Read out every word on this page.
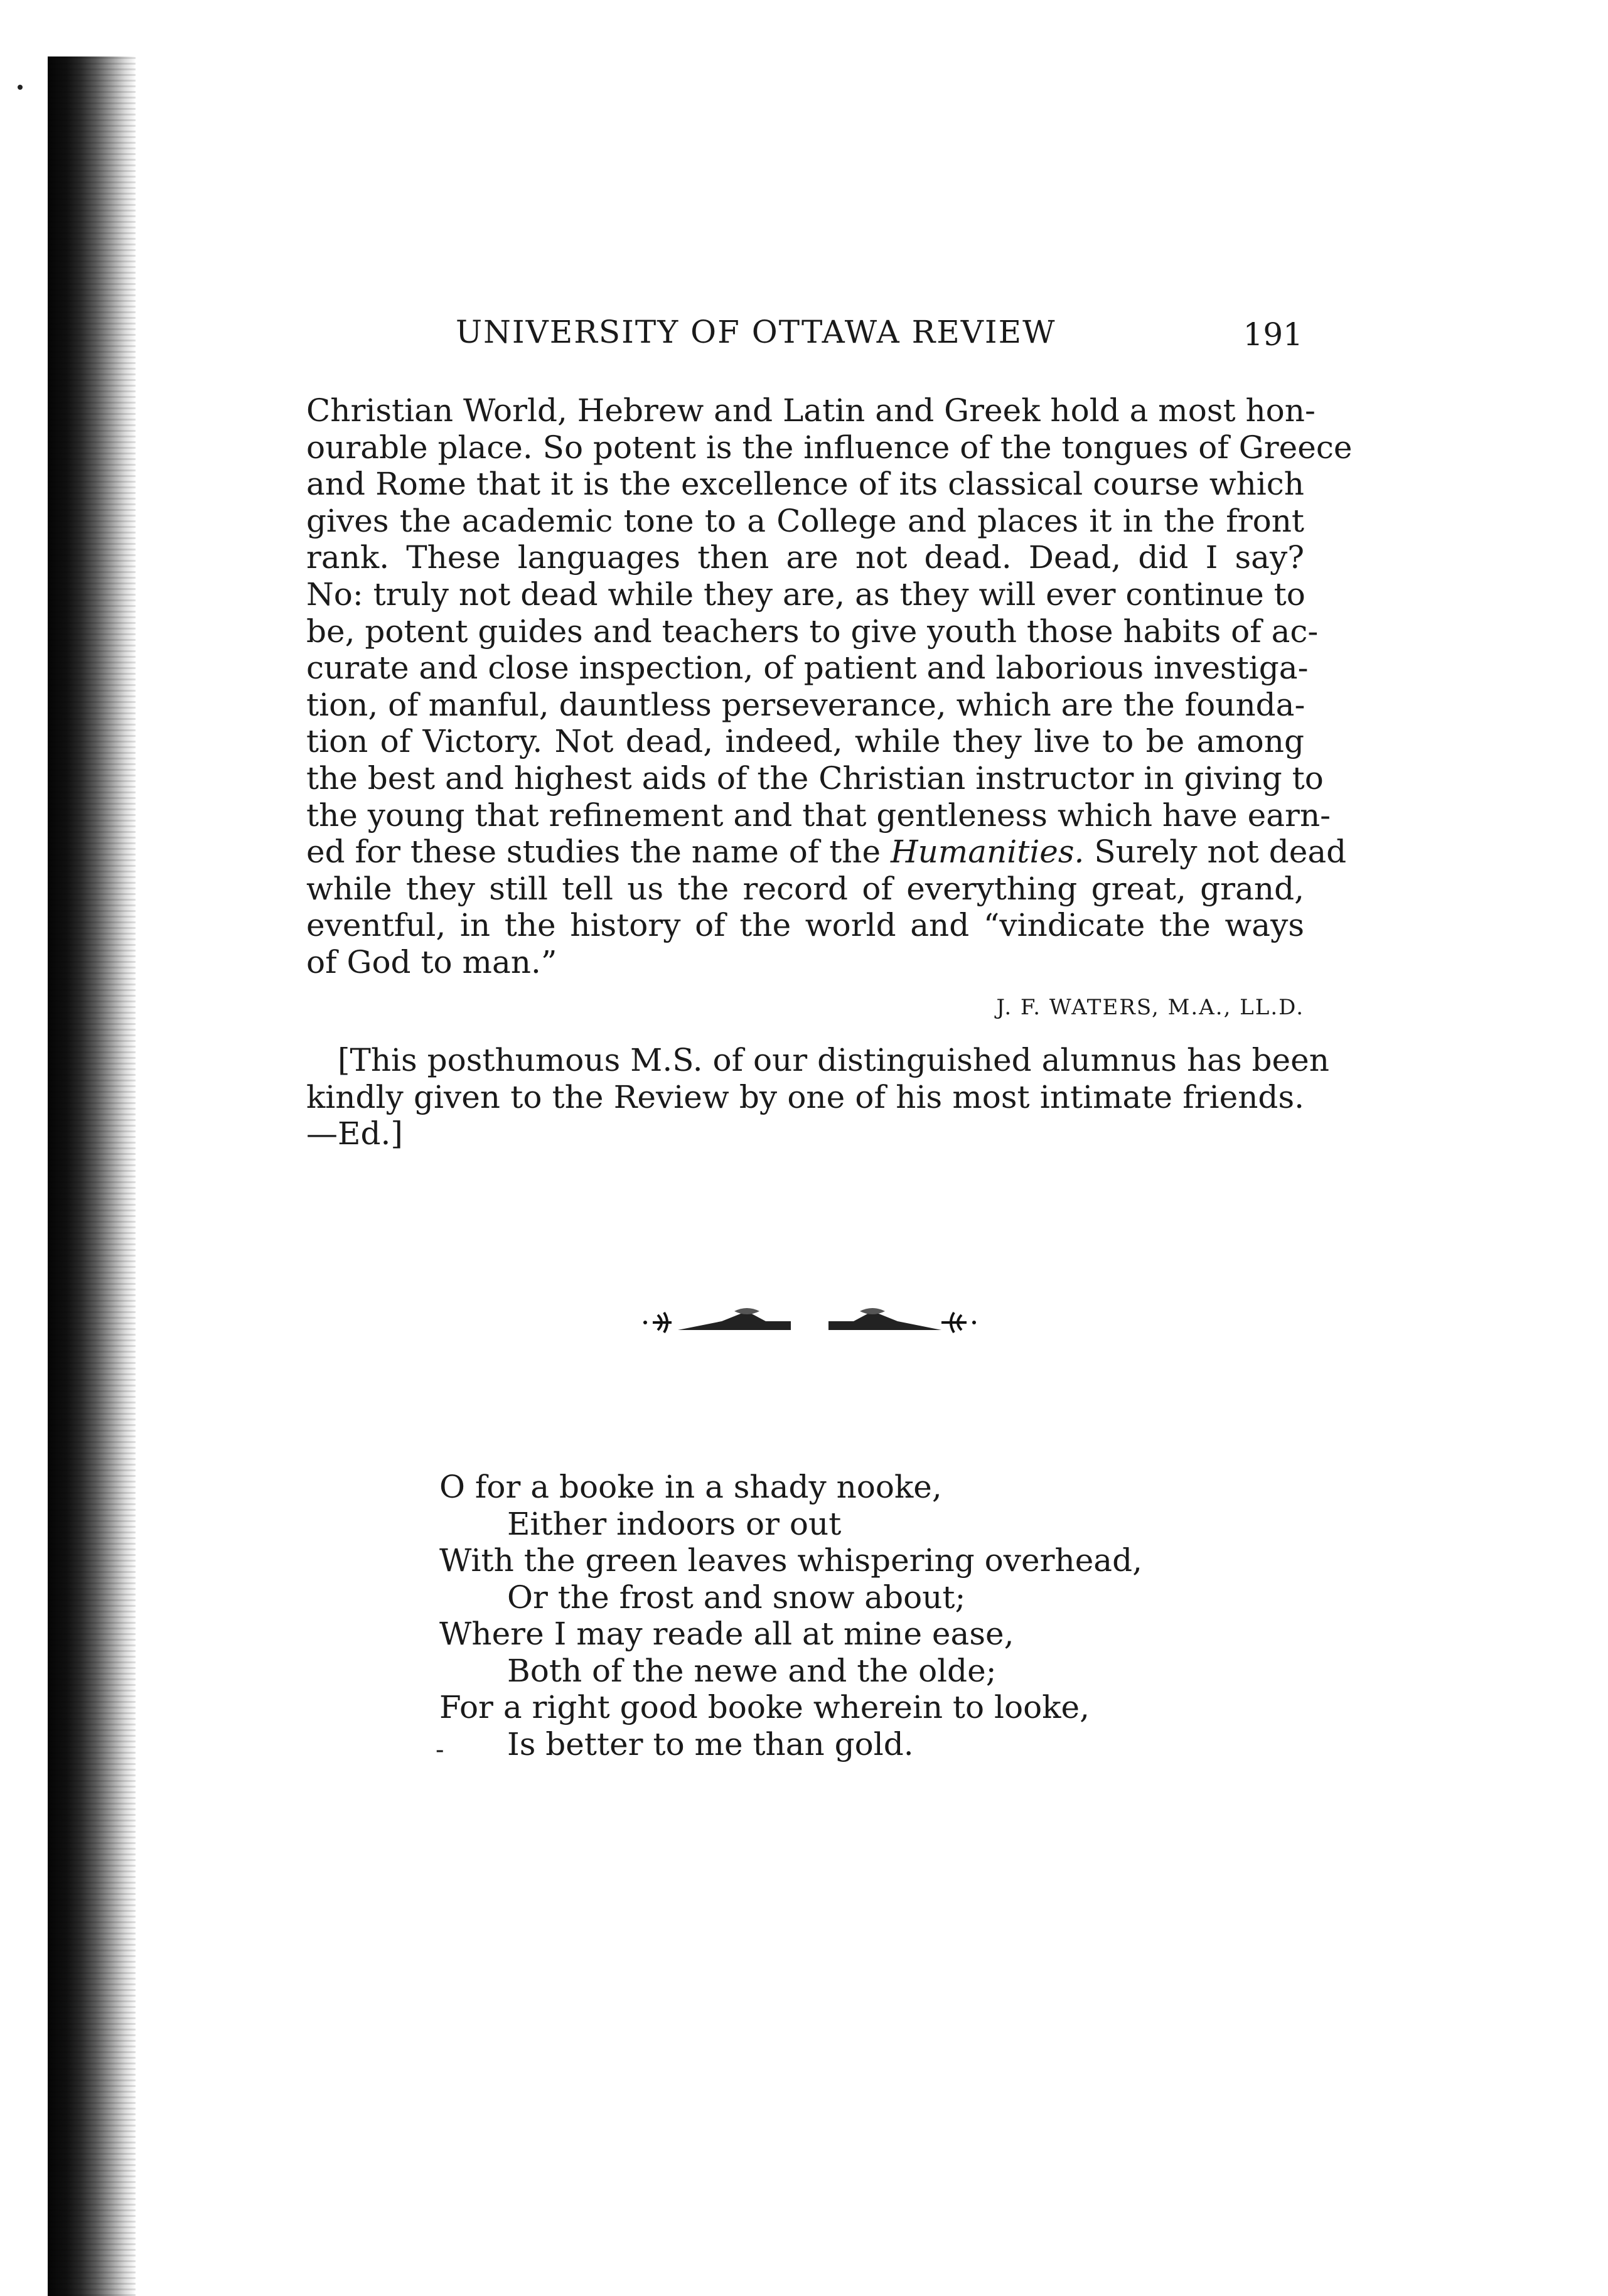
UNIVERSITY OF OTTAWA REVIEW	191
Christian World, Hebrew and Latin and Greek hold a most hon-
ourable place. So potent is the influence of the tongues of Greece
and Rome that it is the excellence of its classical course which
gives the academic tone to a College and places it in the front
rank. These languages then are not dead. Dead, did I say?
No: truly not dead while they are, as they will ever continue to
be, potent guides and teachers to give youth those habits of ac-
curate and close inspection, of patient and laborious investiga-
tion, of manful, dauntless perseverance, which are the founda-
tion of Victory. Not dead, indeed, while they live to be among
the best and highest aids of the Christian instructor in giving to
the young that refinement and that gentleness which have earn-
ed for these studies the name of the Humanities. Surely not dead
while they still tell us the record of everything great, grand,
eventful, in the history of the world and “vindicate the ways
of God to man.”
J. F. WATERS, M.A., LL.D.
[This posthumous M.S. of our distinguished alumnus has been
kindly given to the Review by one of his most intimate friends.
—Ed.]
O for a booke in a shady nooke,
Either indoors or out
With the green leaves whispering overhead,
Or the frost and snow about;
Where I may reade all at mine ease,
Both of the newe and the olde;
For a right good booke wherein to looke,
Is better to me than gold.
-
